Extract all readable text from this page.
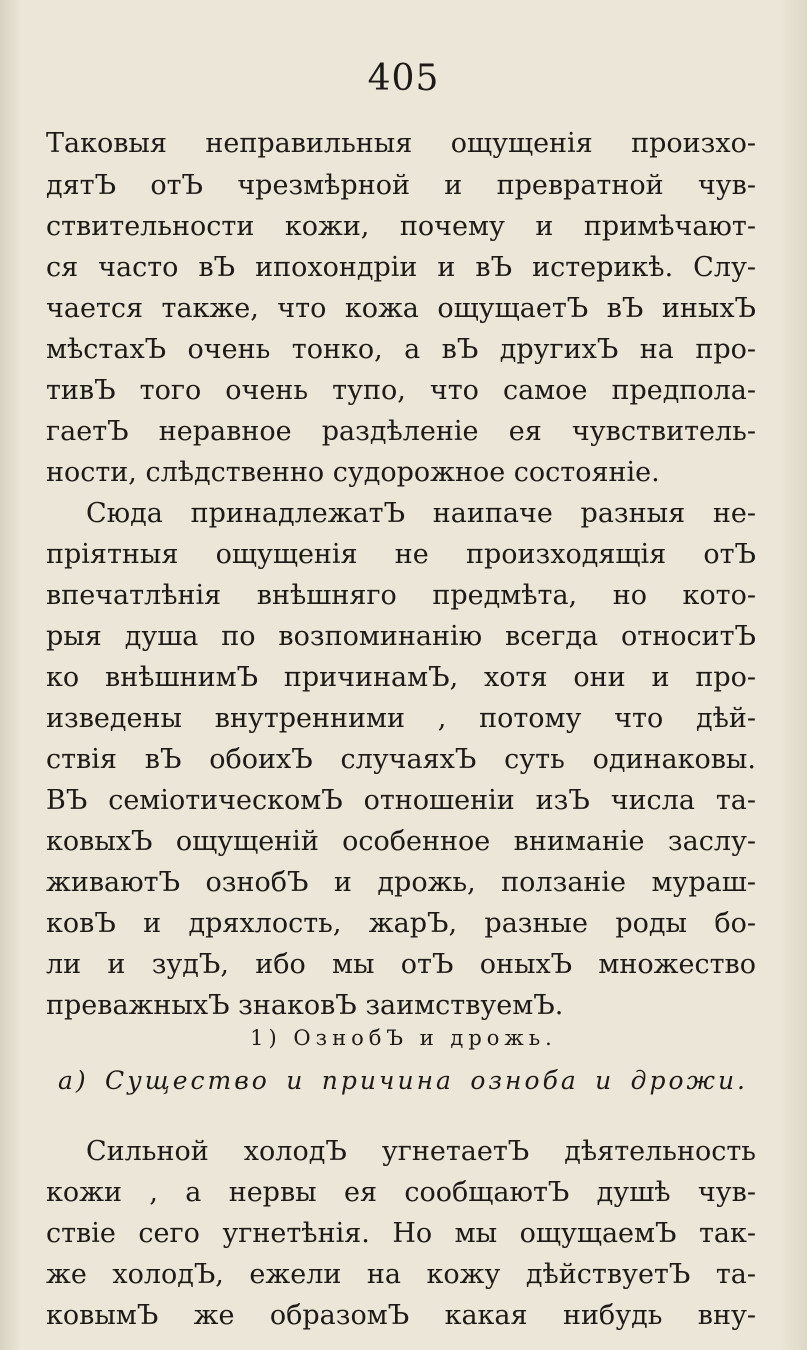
405
Таковыя неправильныя ощущенія произхо-
дятЪ отЪ чрезмѣрной и превратной чув-
ствительности кожи, почему и примѣчают-
ся часто вЪ ипохондріи и вЪ истерикѣ. Слу-
чается также, что кожа ощущаетЪ вЪ иныхЪ
мѣстахЪ очень тонко, а вЪ другихЪ на про-
тивЪ того очень тупо, что самое предпола-
гаетЪ неравное раздѣленіе ея чувствитель-
ности, слѣдственно судорожное состояніе.
Сюда принадлежатЪ наипаче разныя не-
пріятныя ощущенія не произходящія отЪ
впечатлѣнія внѣшняго предмѣта, но кото-
рыя душа по возпоминанію всегда относитЪ
ко внѣшнимЪ причинамЪ, хотя они и про-
изведены внутренними , потому что дѣй-
ствія вЪ обоихЪ случаяхЪ суть одинаковы.
ВЪ семіотическомЪ отношеніи изЪ числа та-
ковыхЪ ощущеній особенное вниманіе заслу-
живаютЪ ознобЪ и дрожь, ползаніе мураш-
ковЪ и дряхлость, жарЪ, разные роды бо-
ли и зудЪ, ибо мы отЪ оныхЪ множество
преважныхЪ знаковЪ заимствуемЪ.
1) ОзнобЪ и дрожь.
а) Существо и причина озноба и дрожи.
Сильной холодЪ угнетаетЪ дѣятельность
кожи , а нервы ея сообщаютЪ душѣ чув-
ствіе сего угнетѣнія. Но мы ощущаемЪ так-
же холодЪ, ежели на кожу дѣйствуетЪ та-
ковымЪ же образомЪ какая нибудь вну-
